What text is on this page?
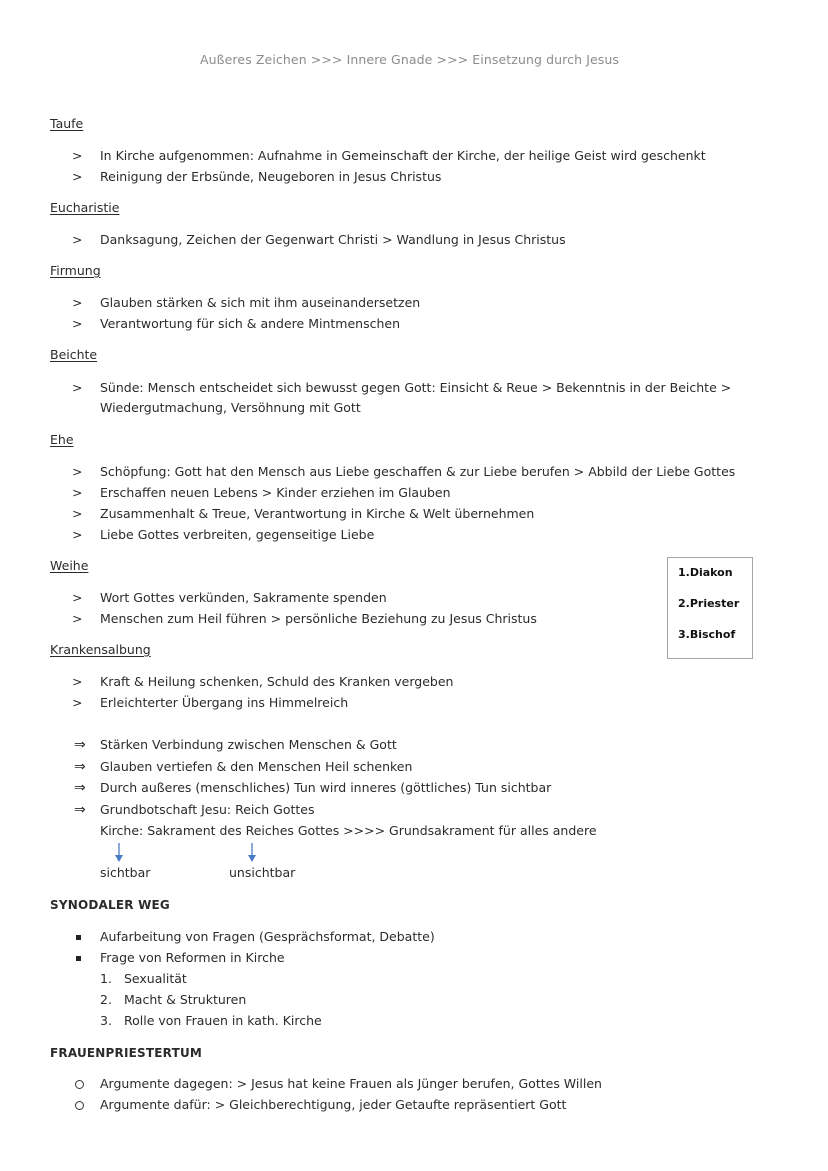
Außeres Zeichen >>> Innere Gnade >>> Einsetzung durch Jesus
Taufe
> In Kirche aufgenommen: Aufnahme in Gemeinschaft der Kirche, der heilige Geist wird geschenkt
> Reinigung der Erbsünde, Neugeboren in Jesus Christus
Eucharistie
> Danksagung, Zeichen der Gegenwart Christi > Wandlung in Jesus Christus
Firmung
> Glauben stärken & sich mit ihm auseinandersetzen
> Verantwortung für sich & andere Mintmenschen
Beichte
> Sünde: Mensch entscheidet sich bewusst gegen Gott: Einsicht & Reue > Bekenntnis in der Beichte > Wiedergutmachung, Versöhnung mit Gott
Ehe
> Schöpfung: Gott hat den Mensch aus Liebe geschaffen & zur Liebe berufen > Abbild der Liebe Gottes
> Erschaffen neuen Lebens > Kinder erziehen im Glauben
> Zusammenhalt & Treue, Verantwortung in Kirche & Welt übernehmen
> Liebe Gottes verbreiten, gegenseitige Liebe
Weihe
> Wort Gottes verkünden, Sakramente spenden
> Menschen zum Heil führen > persönliche Beziehung zu Jesus Christus
1.Diakon
2.Priester
3.Bischof
Krankensalbung
> Kraft & Heilung schenken, Schuld des Kranken vergeben
> Erleichterter Übergang ins Himmelreich
⇒ Stärken Verbindung zwischen Menschen & Gott
⇒ Glauben vertiefen & den Menschen Heil schenken
⇒ Durch außeres (menschliches) Tun wird inneres (göttliches) Tun sichtbar
⇒ Grundbotschaft Jesu: Reich Gottes
Kirche: Sakrament des Reiches Gottes >>>> Grundsakrament für alles andere
sichtbar	unsichtbar
SYNODALER WEG
Aufarbeitung von Fragen (Gesprächsformat, Debatte)
Frage von Reformen in Kirche
1. Sexualität
2. Macht & Strukturen
3. Rolle von Frauen in kath. Kirche
FRAUENPRIESTERTUM
Argumente dagegen: > Jesus hat keine Frauen als Jünger berufen, Gottes Willen
Argumente dafür: > Gleichberechtigung, jeder Getaufte repräsentiert Gott
